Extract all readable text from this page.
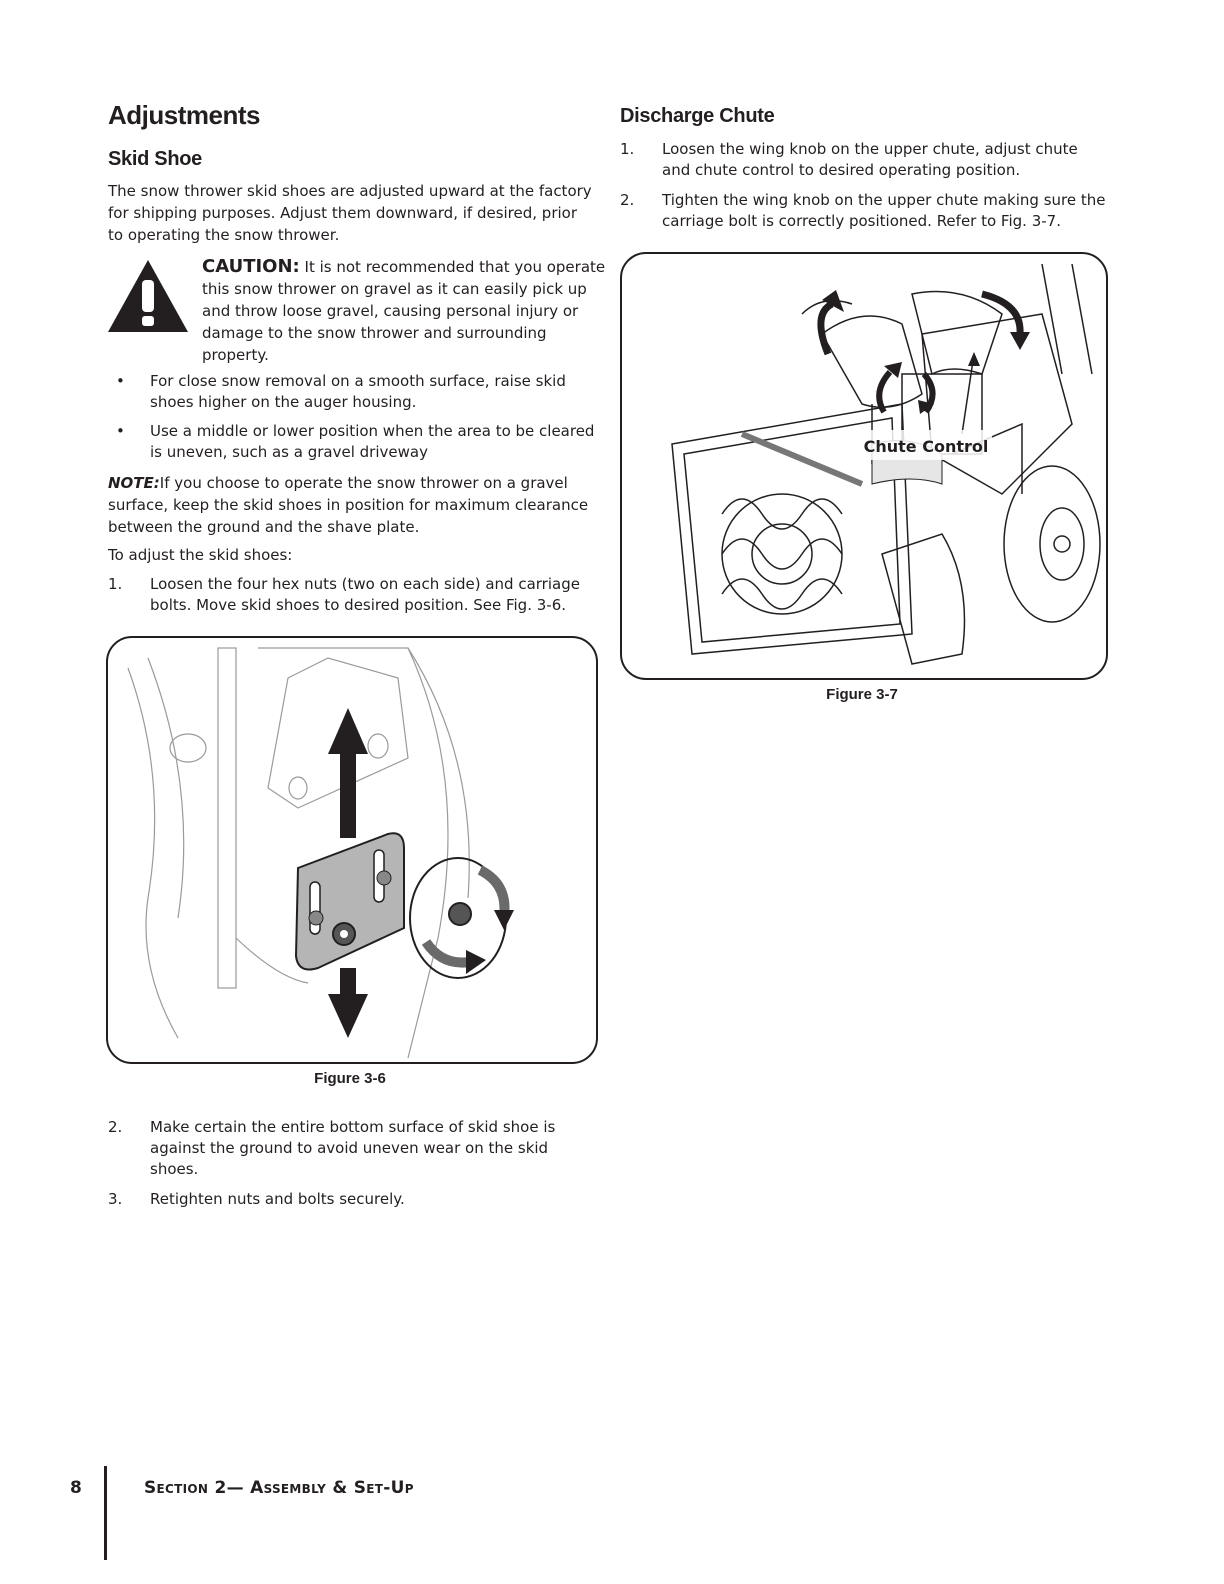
Adjustments
Skid Shoe

The snow thrower skid shoes are adjusted upward at the factory

for shipping purposes. Adjust them downward, if desired, prior

to operating the snow thrower.

CAUTION: It is not recommended that you operate
this snow thrower on gravel as it can easily pick up
and throw loose gravel, causing personal injury or
damage to the snow thrower and surrounding
property.
• For close snow removal on a smooth surface, raise skid
shoes higher on the auger housing.
• Use a middle or lower position when the area to be cleared
is uneven, such as a gravel driveway
NOTE:If you choose to operate the snow thrower on a gravel
surface, keep the skid shoes in position for maximum clearance
between the ground and the shave plate.

To adjust the skid shoes:

1. Loosen the four hex nuts (two on each side) and carriage
bolts. Move skid shoes to desired position. See Fig. 3-6.
Figure 3-6
2. Make certain the entire bottom surface of skid shoe is
against the ground to avoid uneven wear on the skid
shoes.
3. Retighten nuts and bolts securely.
Discharge Chute
1. Loosen the wing knob on the upper chute, adjust chute
and chute control to desired operating position.
2. Tighten the wing knob on the upper chute making sure the
carriage bolt is correctly positioned. Refer to Fig. 3-7.
Chute Control
Figure 3-7
8	Section 2— Assembly & Set-Up
